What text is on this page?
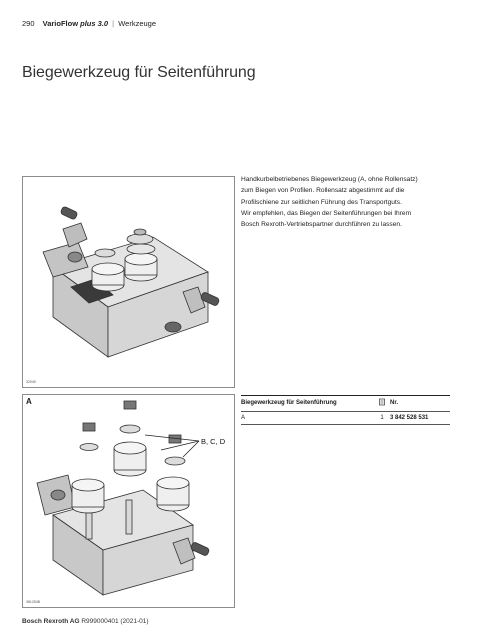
290 VarioFlow plus 3.0 | Werkzeuge
Biegewerkzeug für Seitenführung
32049
Handkurbelbetriebenes Biegewerkzeug (A, ohne Rollensatz)
zum Biegen von Profilen. Rollensatz abgestimmt auf die
Profilschiene zur seitlichen Führung des Transportguts.
Wir empfehlen, das Biegen der Seitenführungen bei Ihrem
Bosch Rexroth-Vertriebspartner durchführen zu lassen.
A
B, C, D
381254B
Biegewerkzeug für Seitenführung		Nr.
A	1	3 842 528 531
Bosch Rexroth AG R999000401 (2021-01)
